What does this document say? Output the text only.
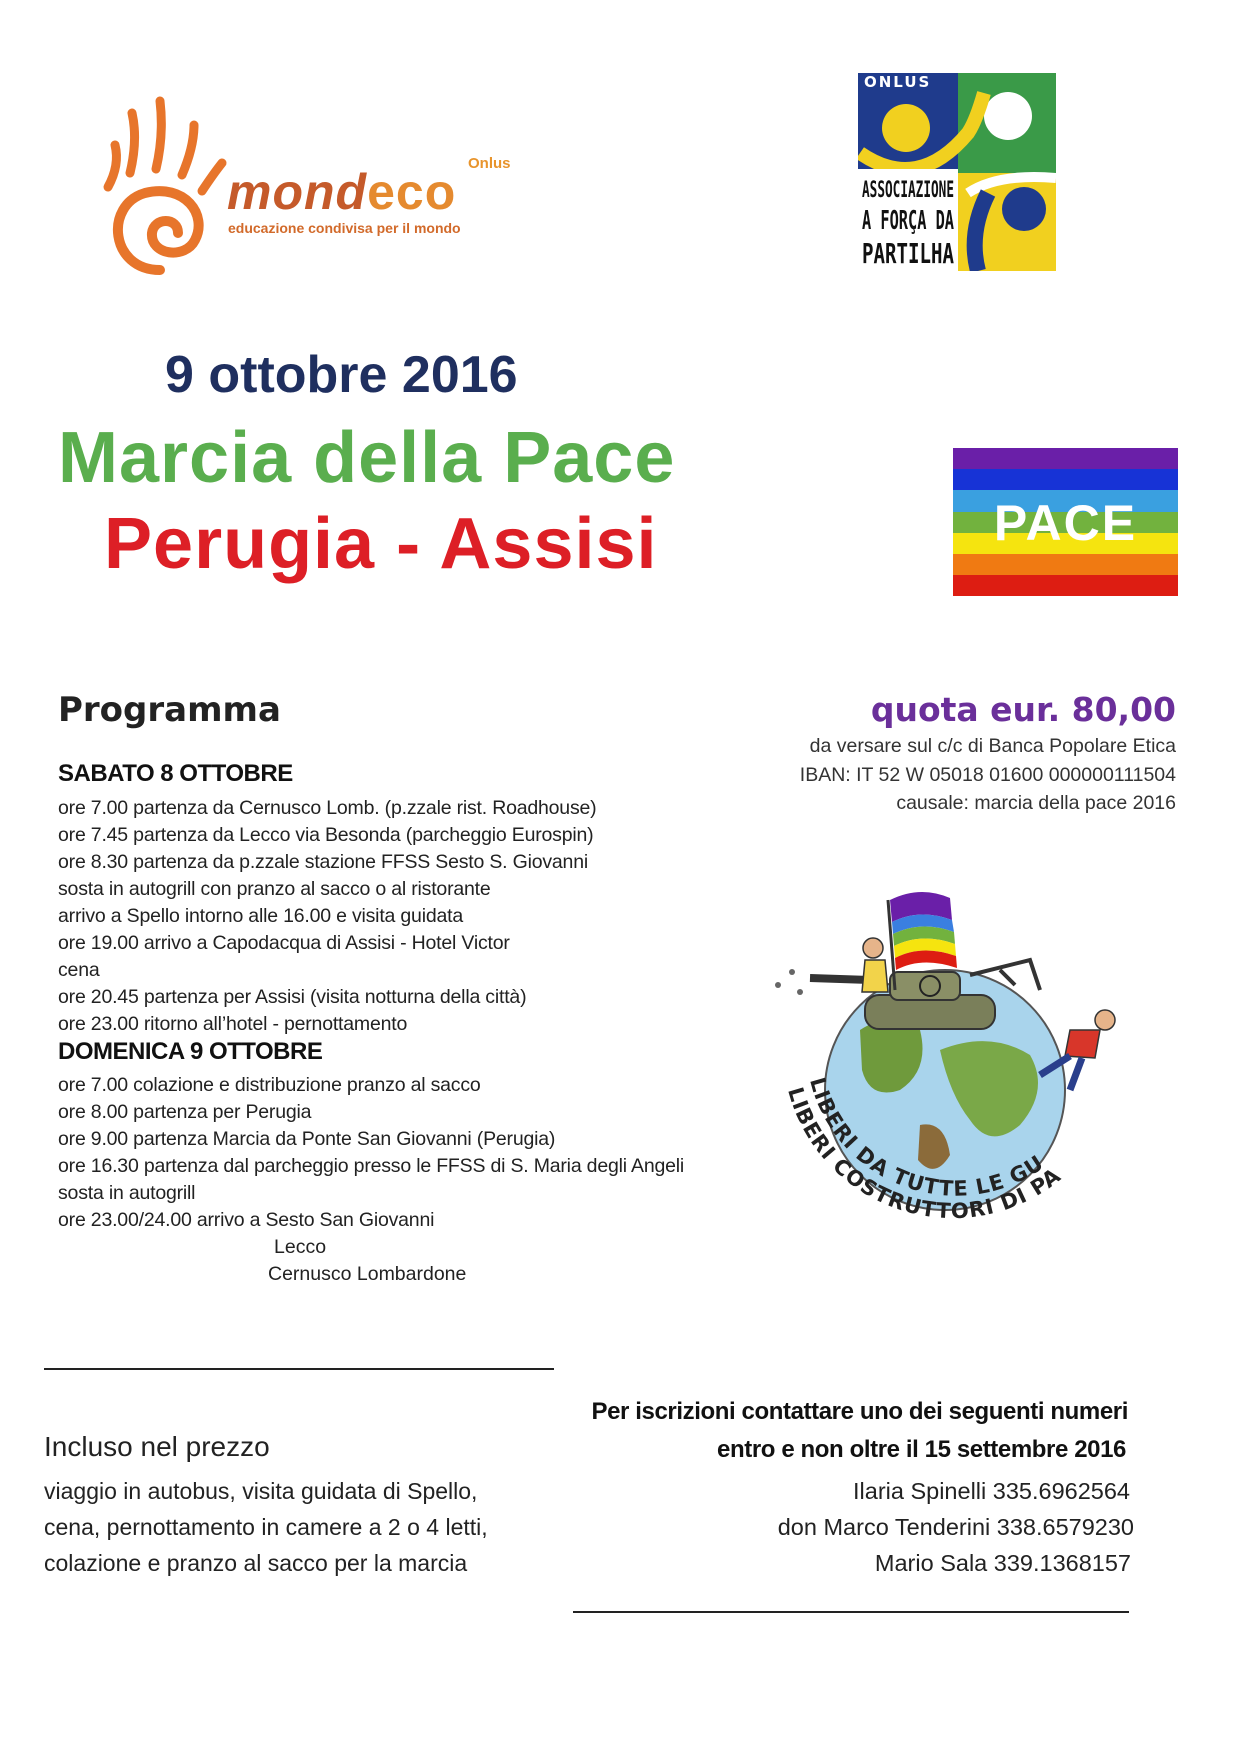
Onlus
mondeco
educazione condivisa per il mondo
ONLUS
ASSOCIAZIONE
A FORÇA DA
PARTILHA
9 ottobre 2016
Marcia della Pace
Perugia - Assisi	PACE
Programma
SABATO 8 OTTOBRE
ore 7.00 partenza da Cernusco Lomb. (p.zzale rist. Roadhouse)
ore 7.45 partenza da Lecco via Besonda (parcheggio Eurospin)
ore 8.30 partenza da p.zzale stazione FFSS Sesto S. Giovanni
sosta in autogrill con pranzo al sacco o al ristorante
arrivo a Spello intorno alle 16.00 e visita guidata
ore 19.00 arrivo a Capodacqua di Assisi - Hotel Victor
cena
ore 20.45 partenza per Assisi (visita notturna della città)
ore 23.00 ritorno all’hotel - pernottamento
DOMENICA 9 OTTOBRE
ore 7.00 colazione e distribuzione pranzo al sacco
ore 8.00 partenza per Perugia
ore 9.00 partenza Marcia da Ponte San Giovanni (Perugia)
ore 16.30 partenza dal parcheggio presso le FFSS di S. Maria degli Angeli
sosta in autogrill
ore 23.00/24.00 arrivo a Sesto San Giovanni
Lecco
Cernusco Lombardone
quota eur. 80,00
da versare sul c/c di Banca Popolare Etica
IBAN: IT 52 W 05018 01600 000000111504
causale: marcia della pace 2016
LIBERI DA TUTTE LE GU
LIBERI COSTRUTTORI DI PA
Incluso nel prezzo
viaggio in autobus, visita guidata di Spello,
cena, pernottamento in camere a 2 o 4 letti,
colazione e pranzo al sacco per la marcia
Per iscrizioni contattare uno dei seguenti numeri
entro e non oltre il 15 settembre 2016
Ilaria Spinelli 335.6962564
don Marco Tenderini 338.6579230
Mario Sala 339.1368157
